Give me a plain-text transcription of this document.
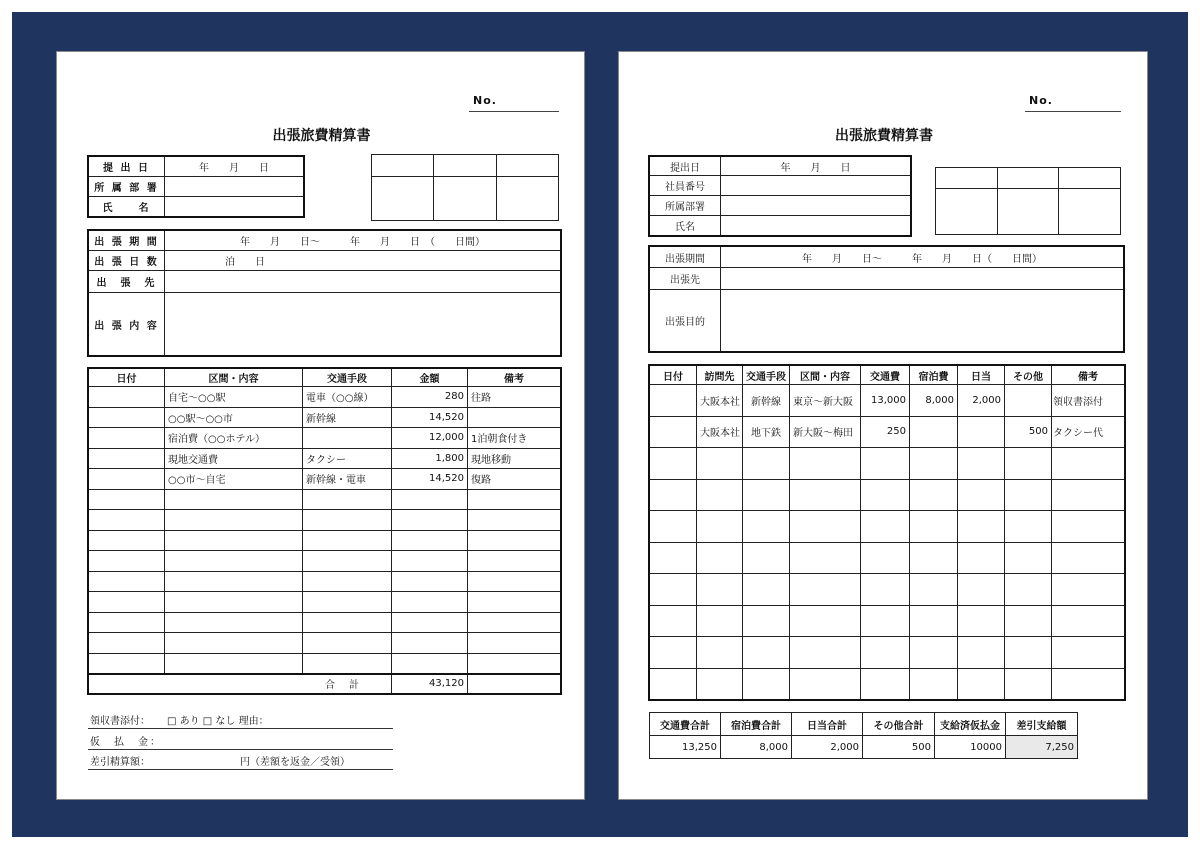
No.
出張旅費精算書
提 出 日	年　　月　　日
所 属 部 署	
氏　　名	

出 張 期 間	年　　月　　日～　　　年　　月　　日　（　　日間）
出 張 日 数	泊　　日
出　張　先	
出 張 内 容	
日付	区間・内容	交通手段	金額	備考
	自宅～○○駅	電車（○○線）	280	往路
	○○駅～○○市	新幹線	14,520	
	宿泊費（○○ホテル）		12,000	1泊朝食付き
	現地交通費	タクシー	1,800	現地移動
	○○市～自宅	新幹線・電車	14,520	復路

合　計			43,120	
領収書添付： □ あり □ なし 理由：
仮　払　金：
差引精算額：	円（差額を返金／受領）
No.
出張旅費精算書
提出日	年　　月　　日
社員番号	
所属部署	
氏名	

出張期間	年　　月　　日～　　　年　　月　　日（　　日間）
出張先	
出張目的	
日付	訪問先	交通手段	区間・内容	交通費	宿泊費	日当	その他	備考
	大阪本社	新幹線	東京～新大阪	13,000	8,000	2,000		領収書添付
	大阪本社	地下鉄	新大阪～梅田	250			500	タクシー代

交通費合計	宿泊費合計	日当合計	その他合計	支給済仮払金	差引支給額
13,250	8,000	2,000	500	10000	7,250
